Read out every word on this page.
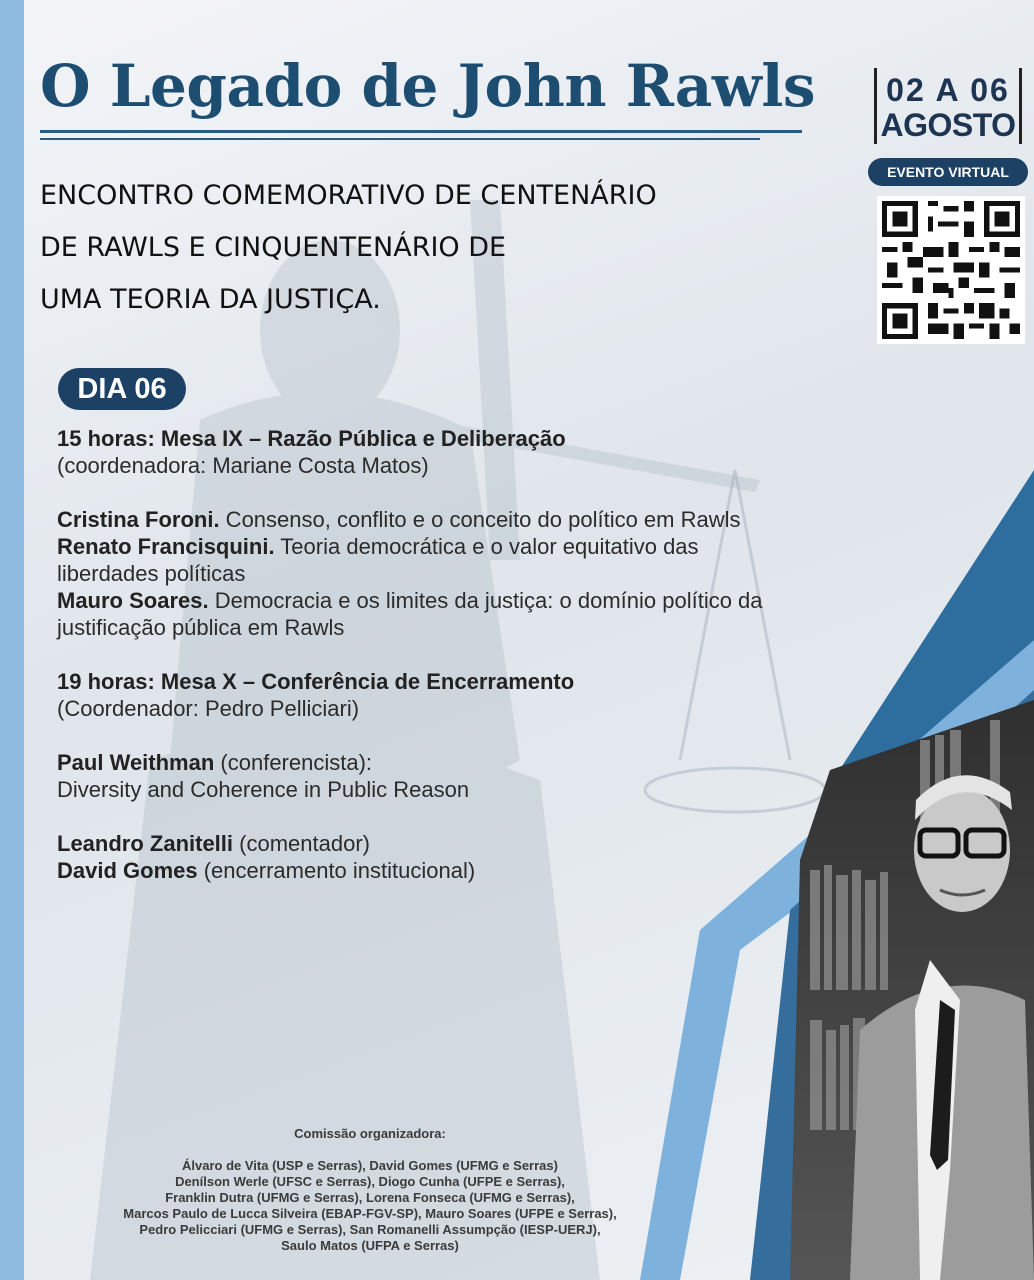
O Legado de John Rawls
ENCONTRO COMEMORATIVO DE CENTENÁRIO
DE RAWLS E CINQUENTENÁRIO DE
UMA TEORIA DA JUSTIÇA.
02 A 06
AGOSTO
EVENTO VIRTUAL
DIA 06
15 horas: Mesa IX – Razão Pública e Deliberação
(coordenadora: Mariane Costa Matos)
Cristina Foroni. Consenso, conflito e o conceito do político em Rawls
Renato Francisquini. Teoria democrática e o valor equitativo das liberdades políticas
Mauro Soares. Democracia e os limites da justiça: o domínio político da justificação pública em Rawls
19 horas: Mesa X – Conferência de Encerramento
(Coordenador: Pedro Pelliciari)
Paul Weithman (conferencista):
Diversity and Coherence in Public Reason
Leandro Zanitelli (comentador)
David Gomes (encerramento institucional)
Comissão organizadora:
Álvaro de Vita (USP e Serras), David Gomes (UFMG e Serras)
Denílson Werle (UFSC e Serras), Diogo Cunha (UFPE e Serras),
Franklin Dutra (UFMG e Serras), Lorena Fonseca (UFMG e Serras),
Marcos Paulo de Lucca Silveira (EBAP-FGV-SP), Mauro Soares (UFPE e Serras),
Pedro Pelicciari (UFMG e Serras), San Romanelli Assumpção (IESP-UERJ),
Saulo Matos (UFPA e Serras)
